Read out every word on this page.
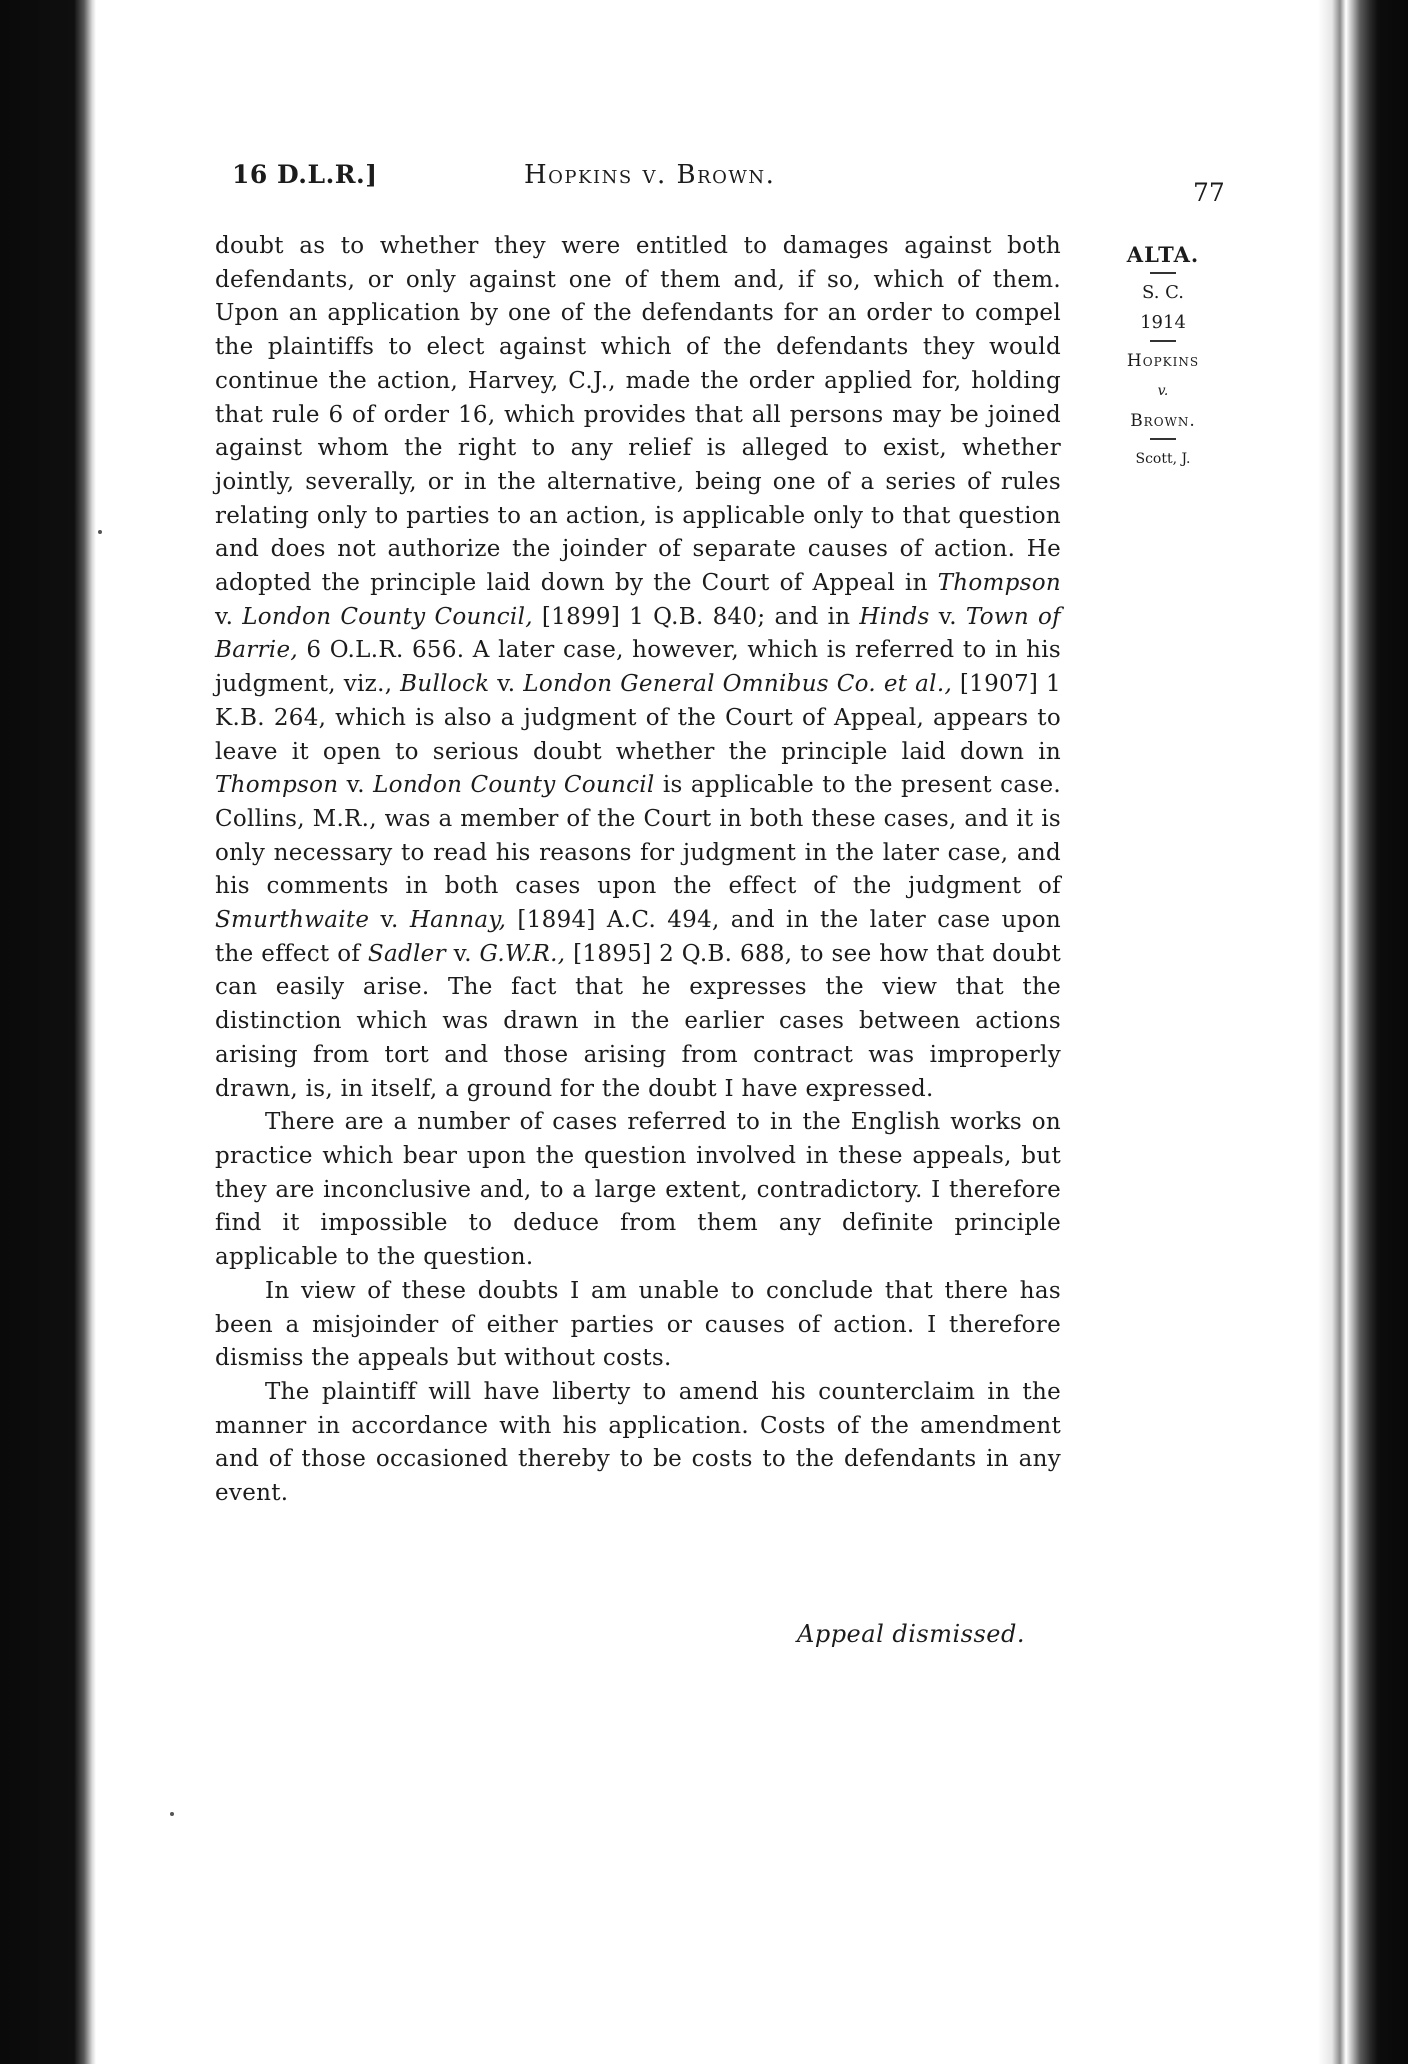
16 D.L.R.]	Hopkins v. Brown.
77
ALTA.
S. C.
1914
Hopkins
v.
Brown.
Scott, J.

doubt as to whether they were entitled to damages against both defendants, or only against one of them and, if so, which of them. Upon an application by one of the defendants for an order to compel the plaintiffs to elect against which of the defendants they would continue the action, Harvey, C.J., made the order applied for, holding that rule 6 of order 16, which provides that all persons may be joined against whom the right to any relief is alleged to exist, whether jointly, severally, or in the alternative, being one of a series of rules relating only to parties to an action, is applicable only to that question and does not authorize the joinder of separate causes of action. He adopted the principle laid down by the Court of Appeal in Thompson v. London County Council, [1899] 1 Q.B. 840; and in Hinds v. Town of Barrie, 6 O.L.R. 656. A later case, however, which is referred to in his judgment, viz., Bullock v. London General Omnibus Co. et al., [1907] 1 K.B. 264, which is also a judgment of the Court of Appeal, appears to leave it open to serious doubt whether the principle laid down in Thompson v. London County Council is applicable to the present case. Collins, M.R., was a member of the Court in both these cases, and it is only necessary to read his reasons for judgment in the later case, and his comments in both cases upon the effect of the judgment of Smurthwaite v. Hannay, [1894] A.C. 494, and in the later case upon the effect of Sadler v. G.W.R., [1895] 2 Q.B. 688, to see how that doubt can easily arise. The fact that he expresses the view that the distinction which was drawn in the earlier cases between actions arising from tort and those arising from contract was improperly drawn, is, in itself, a ground for the doubt I have expressed.

There are a number of cases referred to in the English works on practice which bear upon the question involved in these appeals, but they are inconclusive and, to a large extent, contradictory. I therefore find it impossible to deduce from them any definite principle applicable to the question.

In view of these doubts I am unable to conclude that there has been a misjoinder of either parties or causes of action. I therefore dismiss the appeals but without costs.

The plaintiff will have liberty to amend his counterclaim in the manner in accordance with his application. Costs of the amendment and of those occasioned thereby to be costs to the defendants in any event.

Appeal dismissed.
